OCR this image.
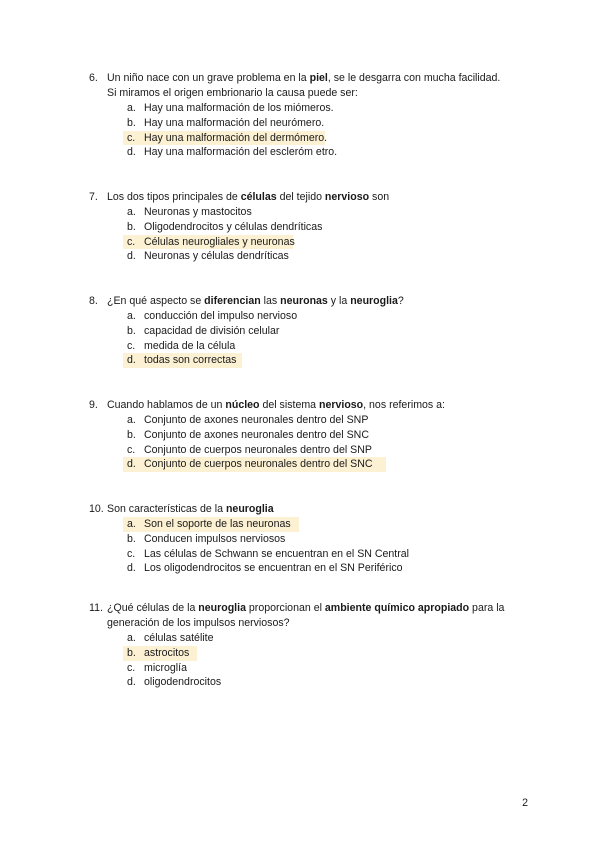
6. Un niño nace con un grave problema en la piel, se le desgarra con mucha facilidad.
Si miramos el origen embrionario la causa puede ser:
a. Hay una malformación de los miómeros.
b. Hay una malformación del neurómero.
c. Hay una malformación del dermómero.
d. Hay una malformación del escleróm etro.
7. Los dos tipos principales de células del tejido nervioso son
a. Neuronas y mastocitos
b. Oligodendrocitos y células dendríticas
c. Células neurogliales y neuronas
d. Neuronas y células dendríticas
8. ¿En qué aspecto se diferencian las neuronas y la neuroglia?
a. conducción del impulso nervioso
b. capacidad de división celular
c. medida de la célula
d. todas son correctas
9. Cuando hablamos de un núcleo del sistema nervioso, nos referimos a:
a. Conjunto de axones neuronales dentro del SNP
b. Conjunto de axones neuronales dentro del SNC
c. Conjunto de cuerpos neuronales dentro del SNP
d. Conjunto de cuerpos neuronales dentro del SNC
10. Son características de la neuroglia
a. Son el soporte de las neuronas
b. Conducen impulsos nerviosos
c. Las células de Schwann se encuentran en el SN Central
d. Los oligodendrocitos se encuentran en el SN Periférico
11. ¿Qué células de la neuroglia proporcionan el ambiente químico apropiado para la
generación de los impulsos nerviosos?
a. células satélite
b. astrocitos
c. microglía
d. oligodendrocitos
2
